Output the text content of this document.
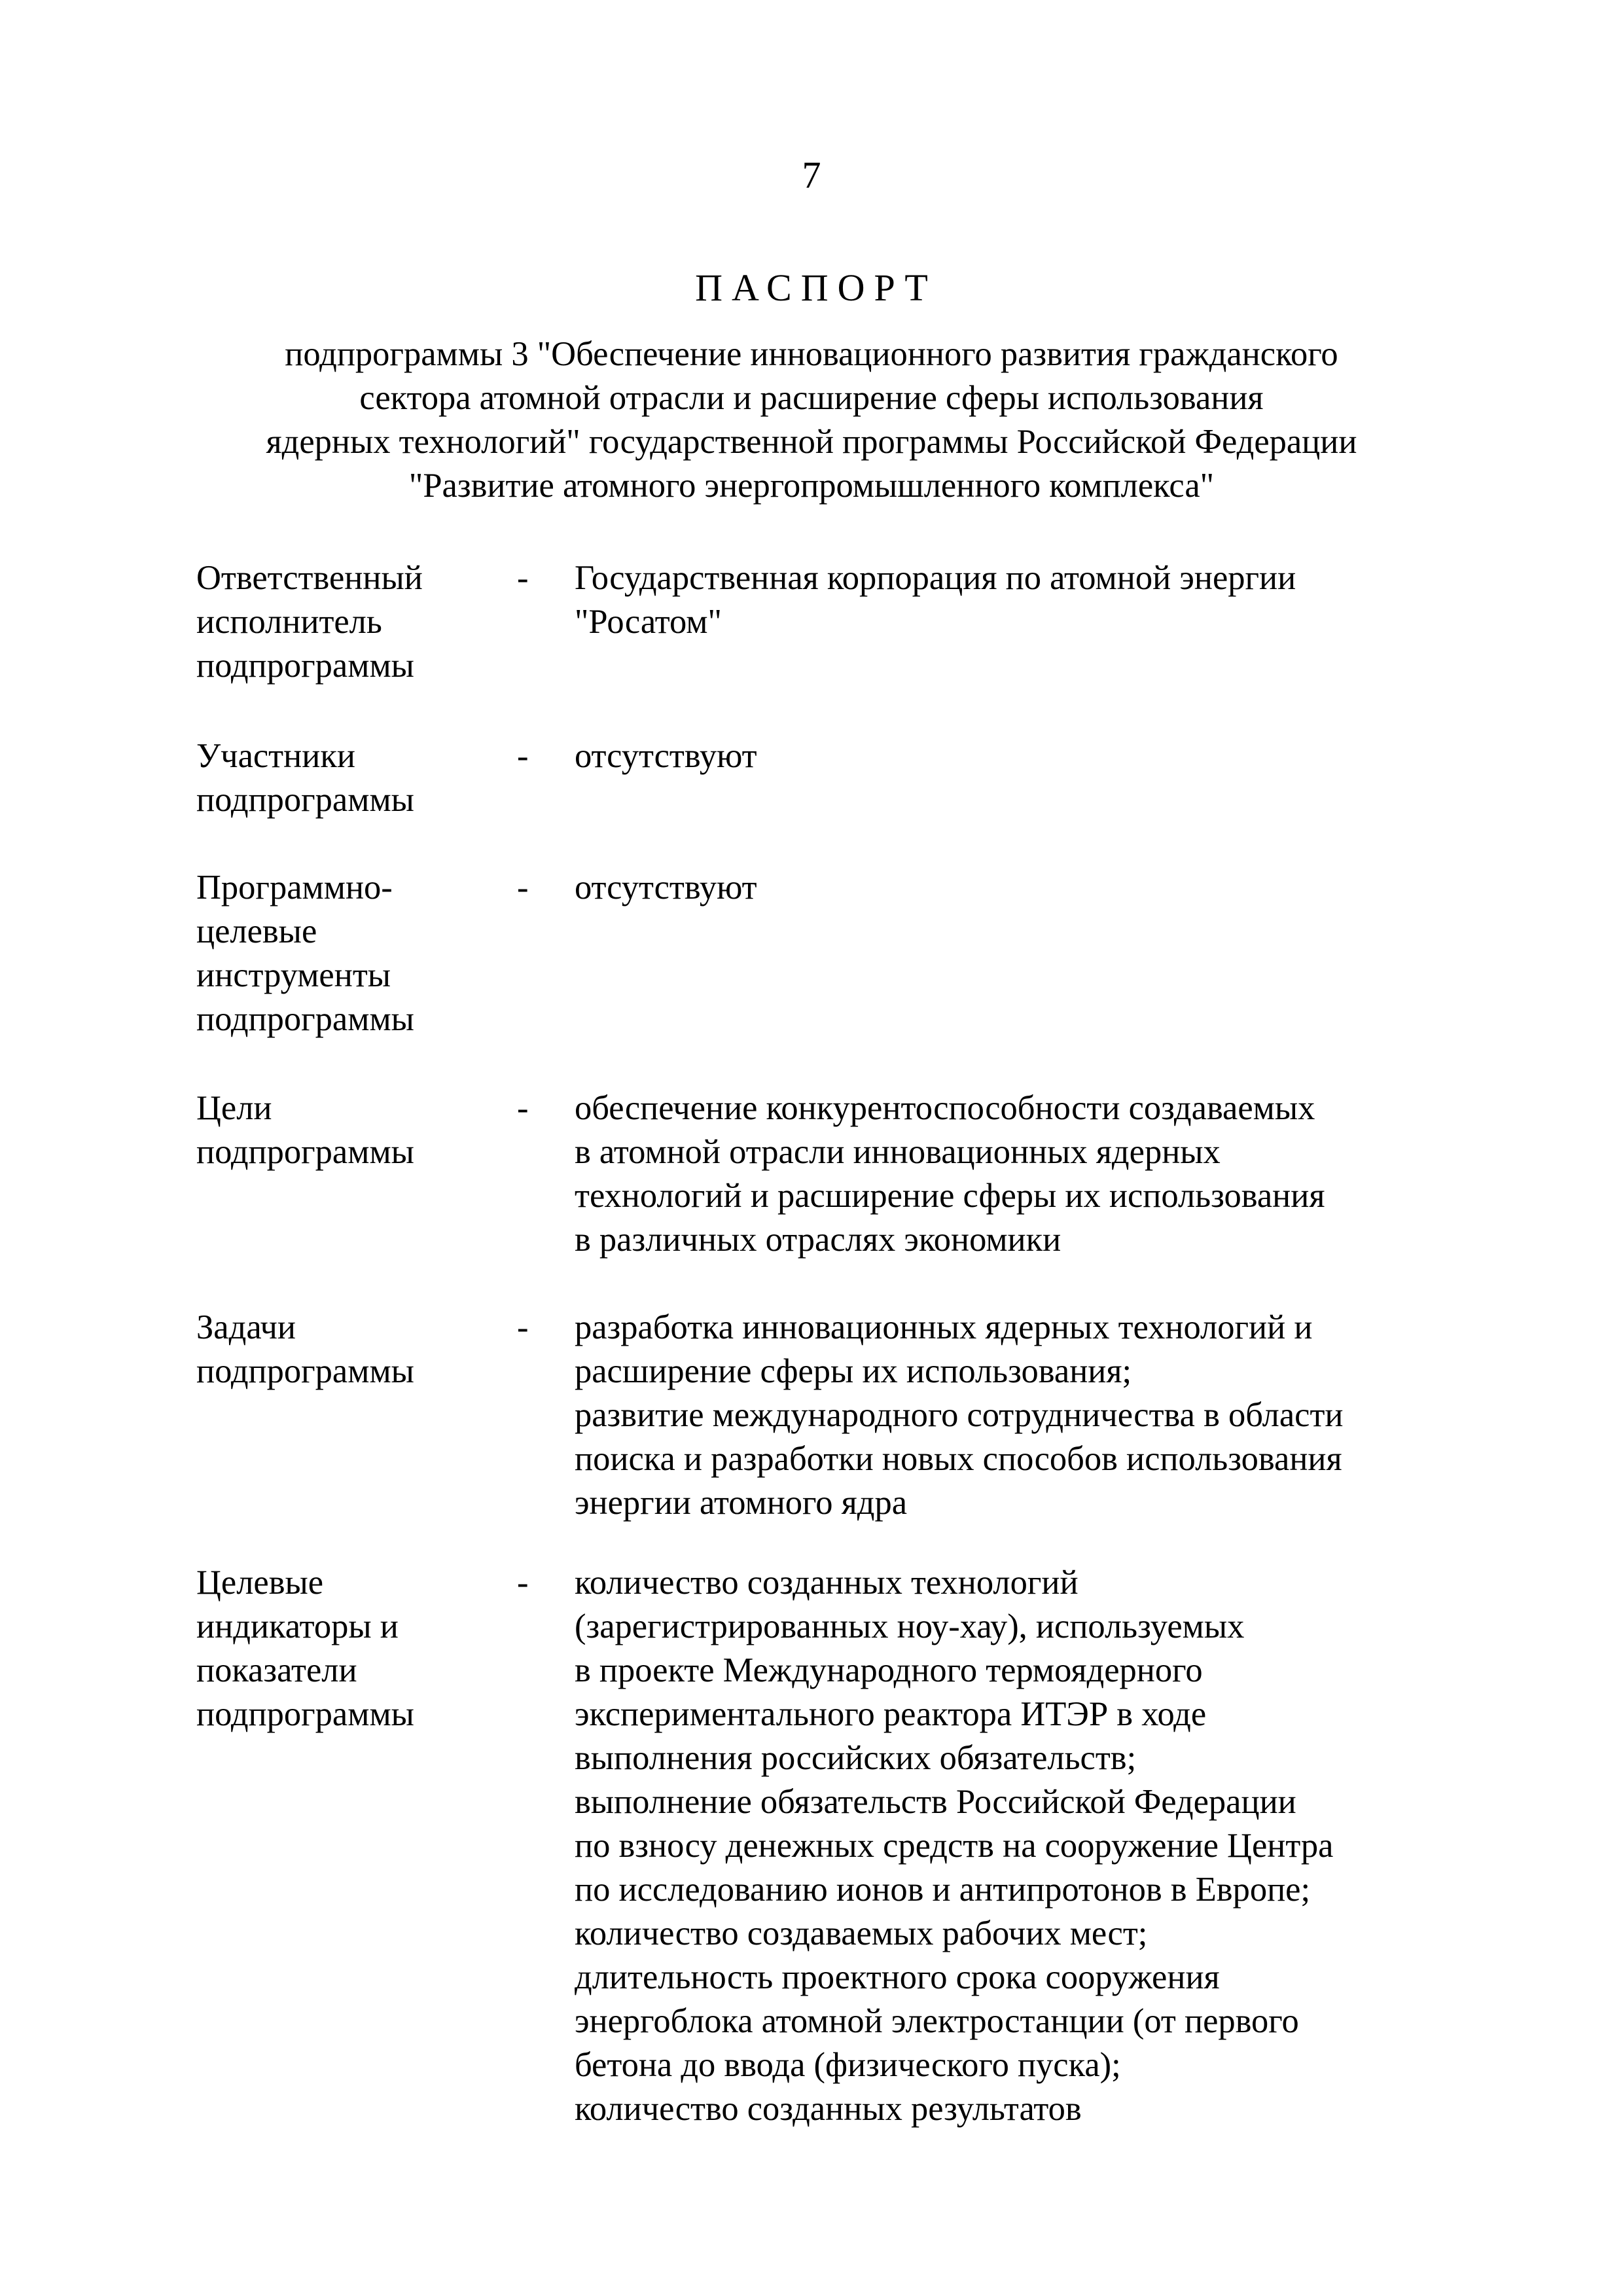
7
ПАСПОРТ
подпрограммы 3 "Обеспечение инновационного развития гражданского
сектора атомной отрасли и расширение сферы использования
ядерных технологий" государственной программы Российской Федерации
"Развитие атомного энергопромышленного комплекса"
Ответственный
исполнитель
подпрограммы
- Государственная корпорация по атомной энергии
"Росатом"
Участники
подпрограммы
- отсутствуют
Программно-
целевые
инструменты
подпрограммы
- отсутствуют
Цели
подпрограммы
- обеспечение конкурентоспособности создаваемых
в атомной отрасли инновационных ядерных
технологий и расширение сферы их использования
в различных отраслях экономики
Задачи
подпрограммы
- разработка инновационных ядерных технологий и
расширение сферы их использования;
развитие международного сотрудничества в области
поиска и разработки новых способов использования
энергии атомного ядра
Целевые
индикаторы и
показатели
подпрограммы
- количество созданных технологий
(зарегистрированных ноу-хау), используемых
в проекте Международного термоядерного
экспериментального реактора ИТЭР в ходе
выполнения российских обязательств;
выполнение обязательств Российской Федерации
по взносу денежных средств на сооружение Центра
по исследованию ионов и антипротонов в Европе;
количество создаваемых рабочих мест;
длительность проектного срока сооружения
энергоблока атомной электростанции (от первого
бетона до ввода (физического пуска);
количество созданных результатов
